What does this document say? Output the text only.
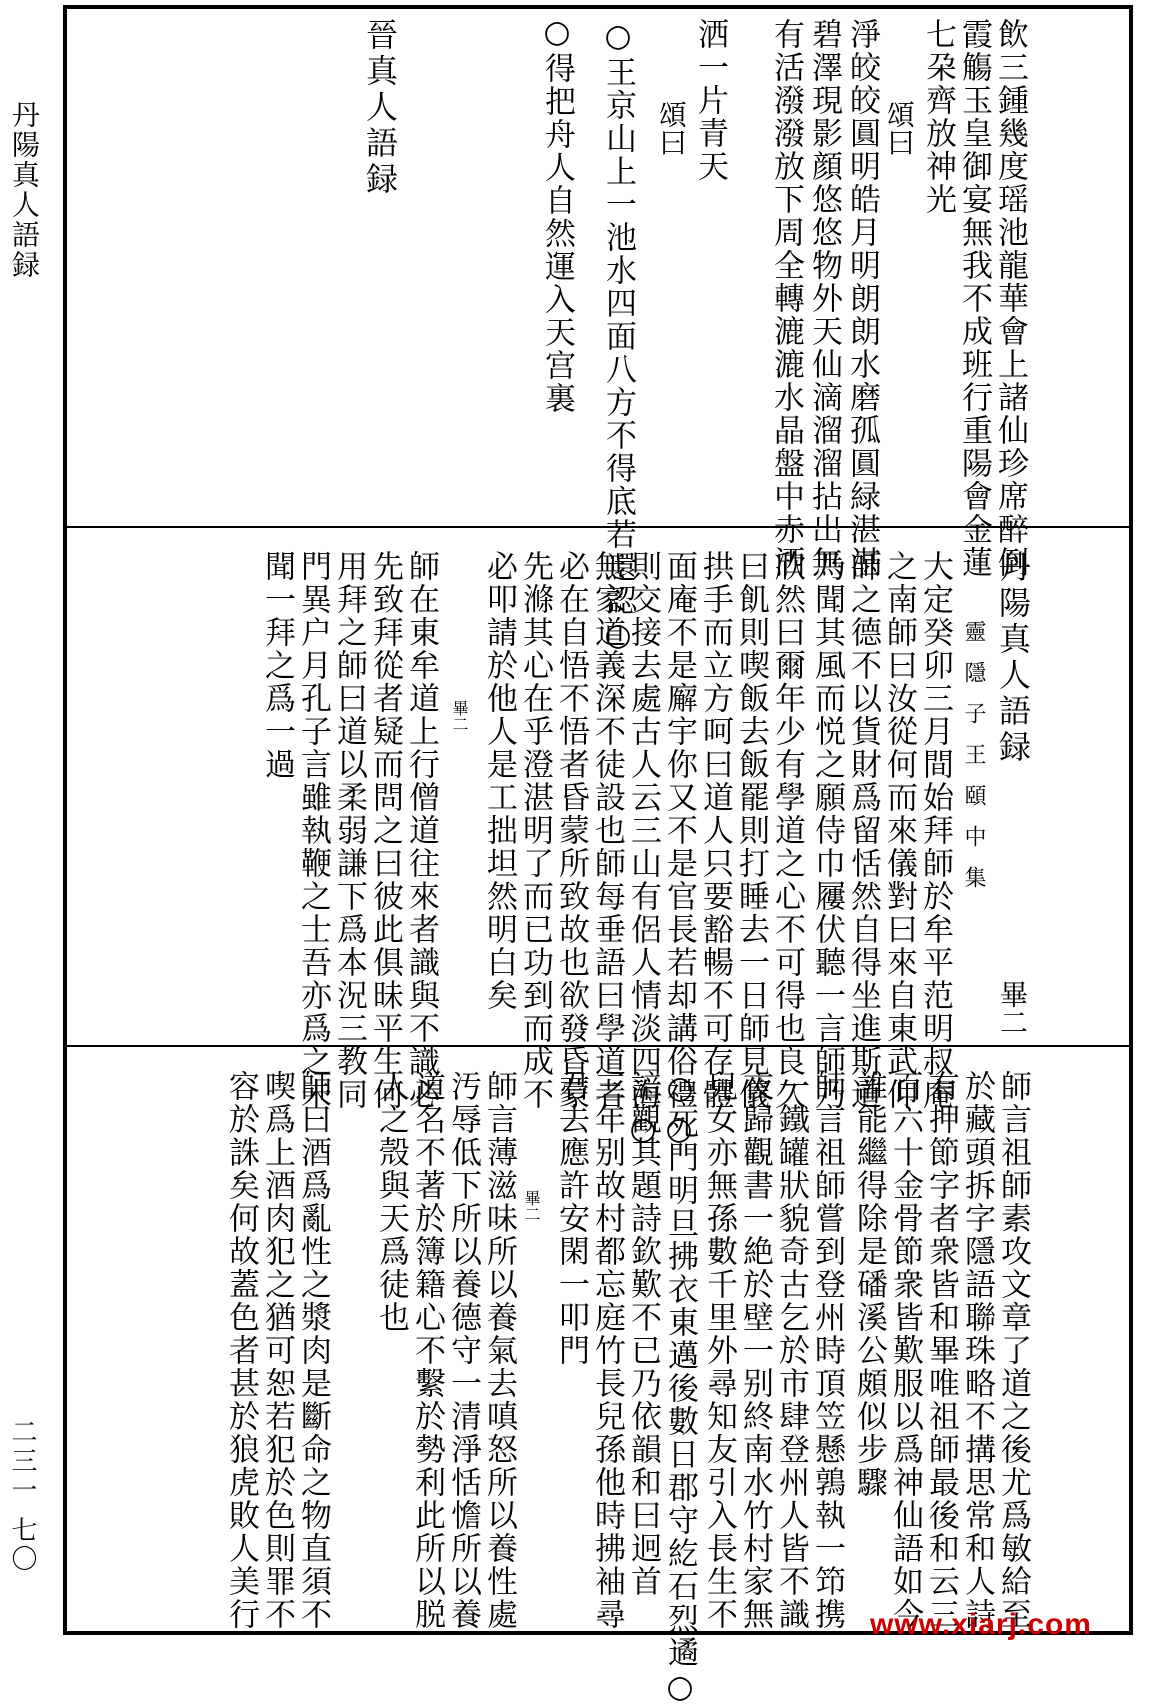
丹陽真人語録
二三一 七〇
飲三鍾幾度瑶池龍華會上諸仙珍席醉倒
霞觴玉皇御宴無我不成班行重陽會金蓮
七朶齊放神光
頌曰
淨皎皎圓明皓月明朗朗水磨孤圓緑湛湛
碧澤現影顔悠悠物外天仙滴溜溜拈出無
有活潑潑放下周全轉漉漉水晶盤中赤洒
洒一片青天
頌曰
○王京山上一池水四面八方不得底若還認○
○得把舟人自然運入天宫裏
晉真人語録
丹陽真人語録
畢二
靈 隱 子 王 頤 中 集
大定癸卯三月間始拜師於牟平范明叔庵
之南師曰汝從何而來儀對曰來自東武仰
師之德不以貨財爲留恬然自得坐進斯道
乃聞其風而悦之願侍巾屨伏聽一言師乃
欣然曰爾年少有學道之心不可得也良久
曰飢則喫飯去飯罷則打睡去一日師見儀
拱手而立方呵曰道人只要豁暢不可存體
面庵不是廨宇你又不是官長若却講俗禮○
則交接去處古人云三山有侶人情淡四海○
無家道義深不徒設也師每垂語曰學道者
必在自悟不悟者昏蒙所致故也欲發昏蒙
先滌其心在乎澄湛明了而已功到而成不
必叩請於他人是工拙坦然明白矣
畢二
師在東牟道上行僧道往來者識與不識必
先致拜從者疑而問之曰彼此俱昧平生何
用拜之師曰道以柔弱謙下爲本況三教同
門異户月孔子言雖執鞭之士吾亦爲之未
聞一拜之爲一過
師言祖師素攻文章了道之後尤爲敏給至
於藏頭拆字隱語聯珠略不搆思常和人詩
有押節字者衆皆和畢唯祖師最後和云三
百六十金骨節衆皆歎服以爲神仙語如今
誰能繼得除是磻溪公頗似步驟
師言祖師嘗到登州時頂笠懸鶉執一笻携
一鐵罐狀貌奇古乞於市肆登州人皆不識
夜歸觀書一絶於壁一别終南水竹村家無
兒女亦無孫數千里外尋知友引入長生不
○死門明旦拂衣東邁後數日郡守紇石烈遹○
諳觀其題詩欽歎不已乃依韻和曰迥首
三年别故村都忘庭竹長兒孫他時拂袖尋
君去應許安閑一叩門
畢二
師言薄滋味所以養氣去嗔怒所以養性處
汚辱低下所以養德守一清淨恬憺所以養
道名不著於簿籍心不繫於勢利此所以脱
人之殼與天爲徒也
師曰酒爲亂性之漿肉是斷命之物直須不
喫爲上酒肉犯之猶可恕若犯於色則罪不
容於誅矣何故蓋色者甚於狼虎敗人美行	www.xiarj.com
